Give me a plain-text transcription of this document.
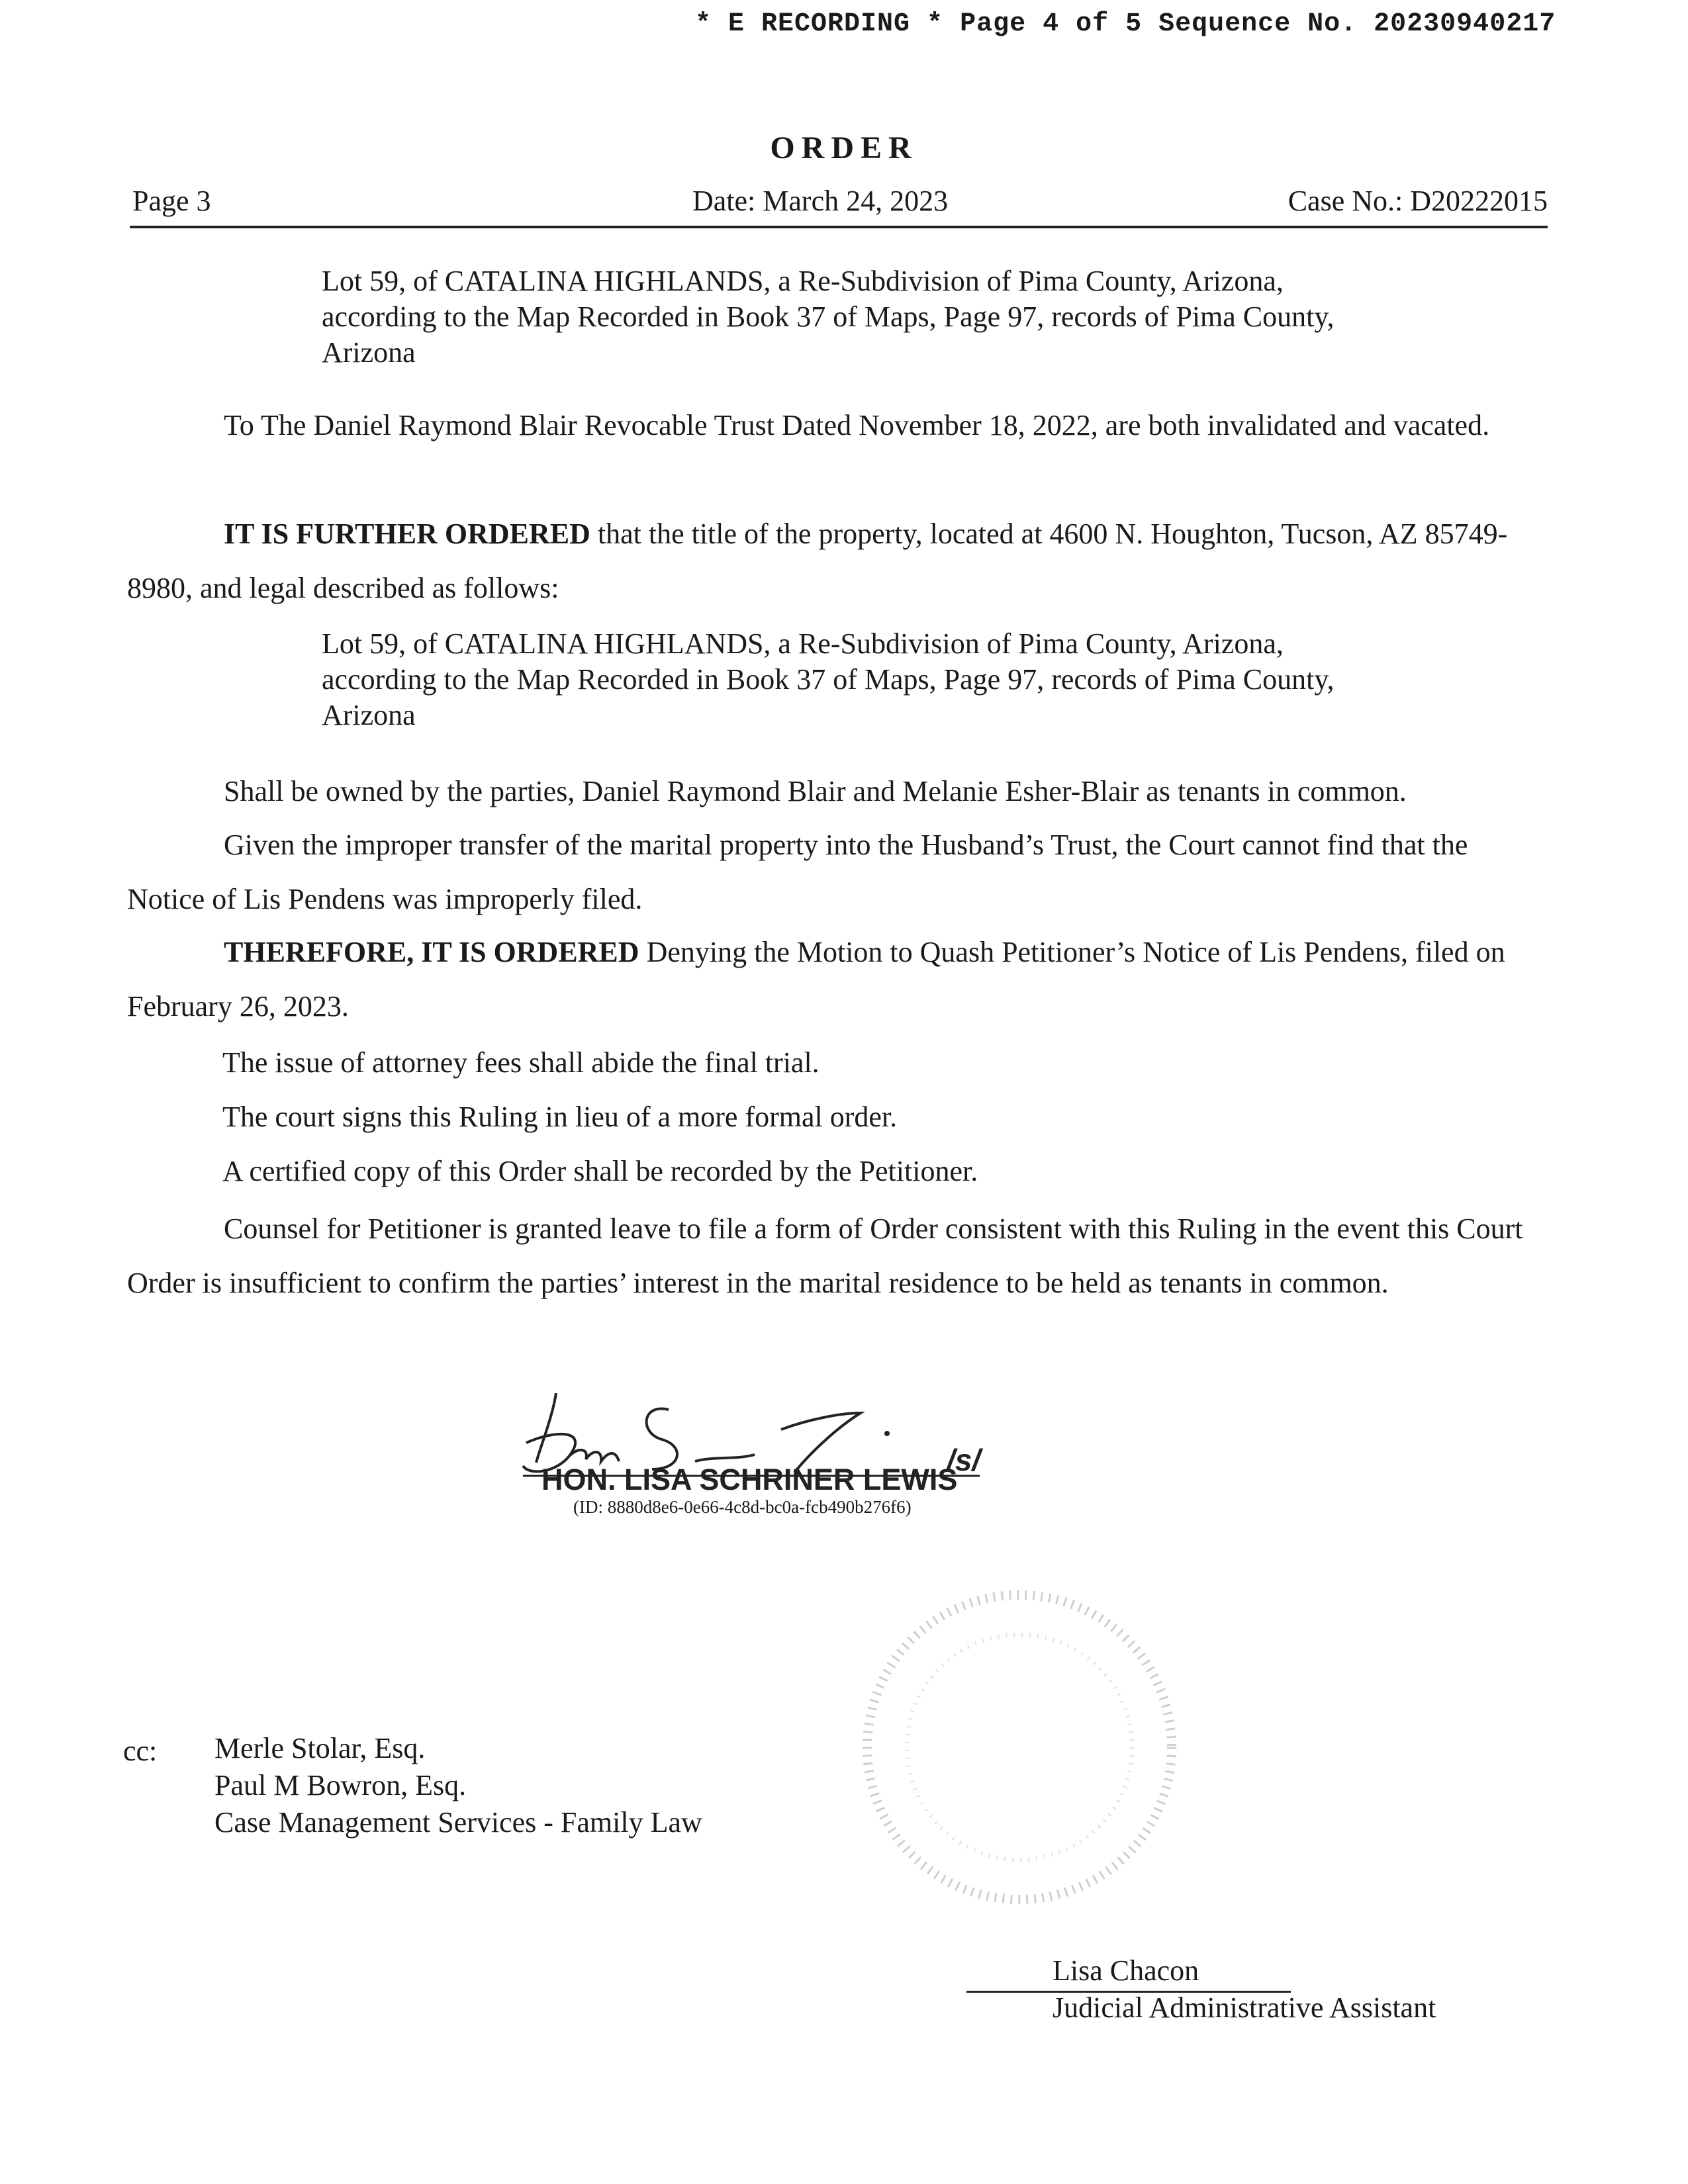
* E RECORDING * Page 4 of 5 Sequence No. 20230940217
ORDER
Page 3	Date: March 24, 2023	Case No.: D20222015
Lot 59, of CATALINA HIGHLANDS, a Re-Subdivision of Pima County, Arizona, according to the Map Recorded in Book 37 of Maps, Page 97, records of Pima County, Arizona
To The Daniel Raymond Blair Revocable Trust Dated November 18, 2022, are both invalidated and vacated.
IT IS FURTHER ORDERED that the title of the property, located at 4600 N. Houghton, Tucson, AZ 85749-8980, and legal described as follows:
Lot 59, of CATALINA HIGHLANDS, a Re-Subdivision of Pima County, Arizona, according to the Map Recorded in Book 37 of Maps, Page 97, records of Pima County, Arizona
Shall be owned by the parties, Daniel Raymond Blair and Melanie Esher-Blair as tenants in common.
Given the improper transfer of the marital property into the Husband’s Trust, the Court cannot find that the Notice of Lis Pendens was improperly filed.
THEREFORE, IT IS ORDERED Denying the Motion to Quash Petitioner’s Notice of Lis Pendens, filed on February 26, 2023.
The issue of attorney fees shall abide the final trial.
The court signs this Ruling in lieu of a more formal order.
A certified copy of this Order shall be recorded by the Petitioner.
Counsel for Petitioner is granted leave to file a form of Order consistent with this Ruling in the event this Court Order is insufficient to confirm the parties’ interest in the marital residence to be held as tenants in common.
/s/
HON. LISA SCHRINER LEWIS
(ID: 8880d8e6-0e66-4c8d-bc0a-fcb490b276f6)
cc: Merle Stolar, Esq.
Paul M Bowron, Esq.
Case Management Services - Family Law
Lisa Chacon
Judicial Administrative Assistant
